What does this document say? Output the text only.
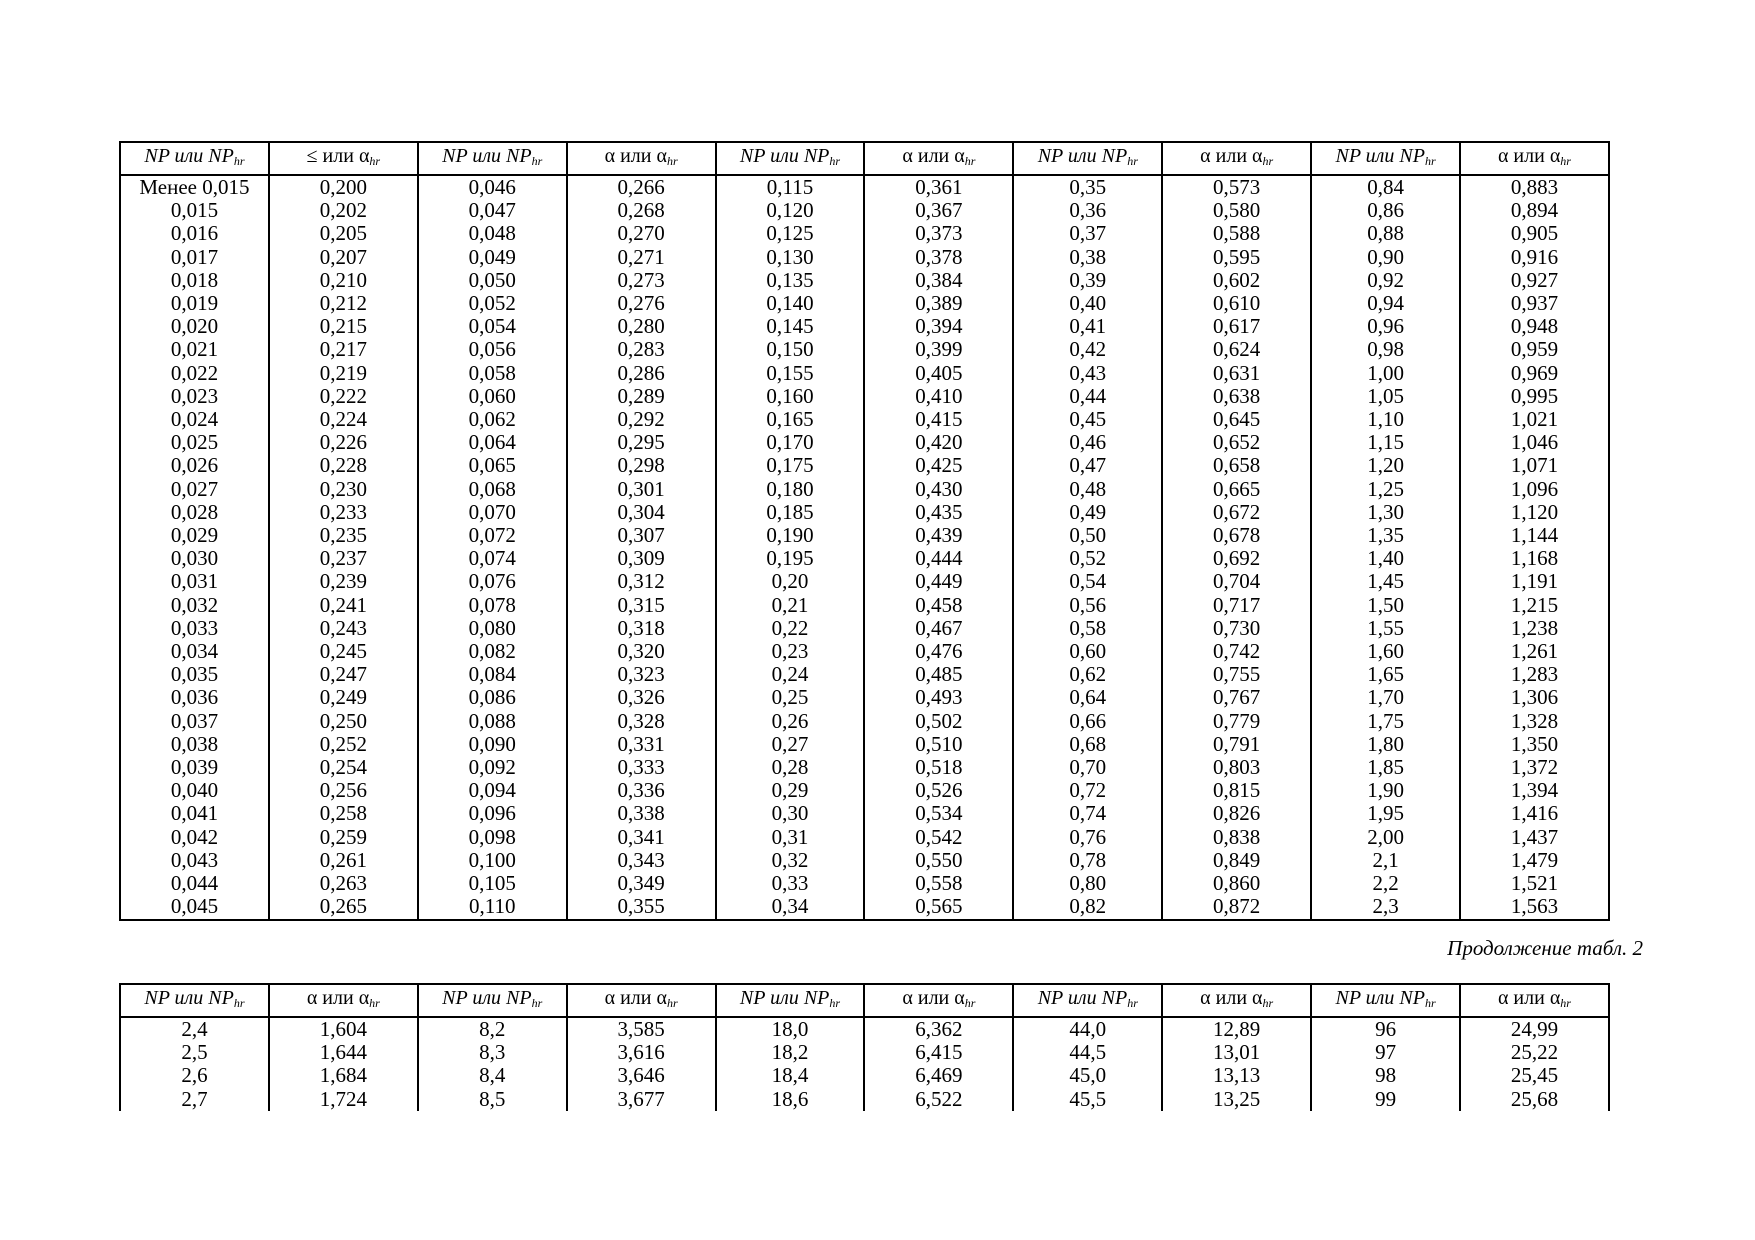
NP или $NP_{hr}$	≤ или $\alpha_{hr}$	NP или $NP_{hr}$	α или $\alpha_{hr}$	NP или $NP_{hr}$	α или $\alpha_{hr}$	NP или $NP_{hr}$	α или $\alpha_{hr}$	NP или $NP_{hr}$	α или $\alpha_{hr}$
Менее 0,015	0,200	0,046	0,266	0,115	0,361	0,35	0,573	0,84	0,883
0,015	0,202	0,047	0,268	0,120	0,367	0,36	0,580	0,86	0,894
0,016	0,205	0,048	0,270	0,125	0,373	0,37	0,588	0,88	0,905
0,017	0,207	0,049	0,271	0,130	0,378	0,38	0,595	0,90	0,916
0,018	0,210	0,050	0,273	0,135	0,384	0,39	0,602	0,92	0,927
0,019	0,212	0,052	0,276	0,140	0,389	0,40	0,610	0,94	0,937
0,020	0,215	0,054	0,280	0,145	0,394	0,41	0,617	0,96	0,948
0,021	0,217	0,056	0,283	0,150	0,399	0,42	0,624	0,98	0,959
0,022	0,219	0,058	0,286	0,155	0,405	0,43	0,631	1,00	0,969
0,023	0,222	0,060	0,289	0,160	0,410	0,44	0,638	1,05	0,995
0,024	0,224	0,062	0,292	0,165	0,415	0,45	0,645	1,10	1,021
0,025	0,226	0,064	0,295	0,170	0,420	0,46	0,652	1,15	1,046
0,026	0,228	0,065	0,298	0,175	0,425	0,47	0,658	1,20	1,071
0,027	0,230	0,068	0,301	0,180	0,430	0,48	0,665	1,25	1,096
0,028	0,233	0,070	0,304	0,185	0,435	0,49	0,672	1,30	1,120
0,029	0,235	0,072	0,307	0,190	0,439	0,50	0,678	1,35	1,144
0,030	0,237	0,074	0,309	0,195	0,444	0,52	0,692	1,40	1,168
0,031	0,239	0,076	0,312	0,20	0,449	0,54	0,704	1,45	1,191
0,032	0,241	0,078	0,315	0,21	0,458	0,56	0,717	1,50	1,215
0,033	0,243	0,080	0,318	0,22	0,467	0,58	0,730	1,55	1,238
0,034	0,245	0,082	0,320	0,23	0,476	0,60	0,742	1,60	1,261
0,035	0,247	0,084	0,323	0,24	0,485	0,62	0,755	1,65	1,283
0,036	0,249	0,086	0,326	0,25	0,493	0,64	0,767	1,70	1,306
0,037	0,250	0,088	0,328	0,26	0,502	0,66	0,779	1,75	1,328
0,038	0,252	0,090	0,331	0,27	0,510	0,68	0,791	1,80	1,350
0,039	0,254	0,092	0,333	0,28	0,518	0,70	0,803	1,85	1,372
0,040	0,256	0,094	0,336	0,29	0,526	0,72	0,815	1,90	1,394
0,041	0,258	0,096	0,338	0,30	0,534	0,74	0,826	1,95	1,416
0,042	0,259	0,098	0,341	0,31	0,542	0,76	0,838	2,00	1,437
0,043	0,261	0,100	0,343	0,32	0,550	0,78	0,849	2,1	1,479
0,044	0,263	0,105	0,349	0,33	0,558	0,80	0,860	2,2	1,521
0,045	0,265	0,110	0,355	0,34	0,565	0,82	0,872	2,3	1,563
Продолжение табл. 2
NP или $NP_{hr}$	α или $\alpha_{hr}$	NP или $NP_{hr}$	α или $\alpha_{hr}$	NP или $NP_{hr}$	α или $\alpha_{hr}$	NP или $NP_{hr}$	α или $\alpha_{hr}$	NP или $NP_{hr}$	α или $\alpha_{hr}$
2,4	1,604	8,2	3,585	18,0	6,362	44,0	12,89	96	24,99
2,5	1,644	8,3	3,616	18,2	6,415	44,5	13,01	97	25,22
2,6	1,684	8,4	3,646	18,4	6,469	45,0	13,13	98	25,45
2,7	1,724	8,5	3,677	18,6	6,522	45,5	13,25	99	25,68
